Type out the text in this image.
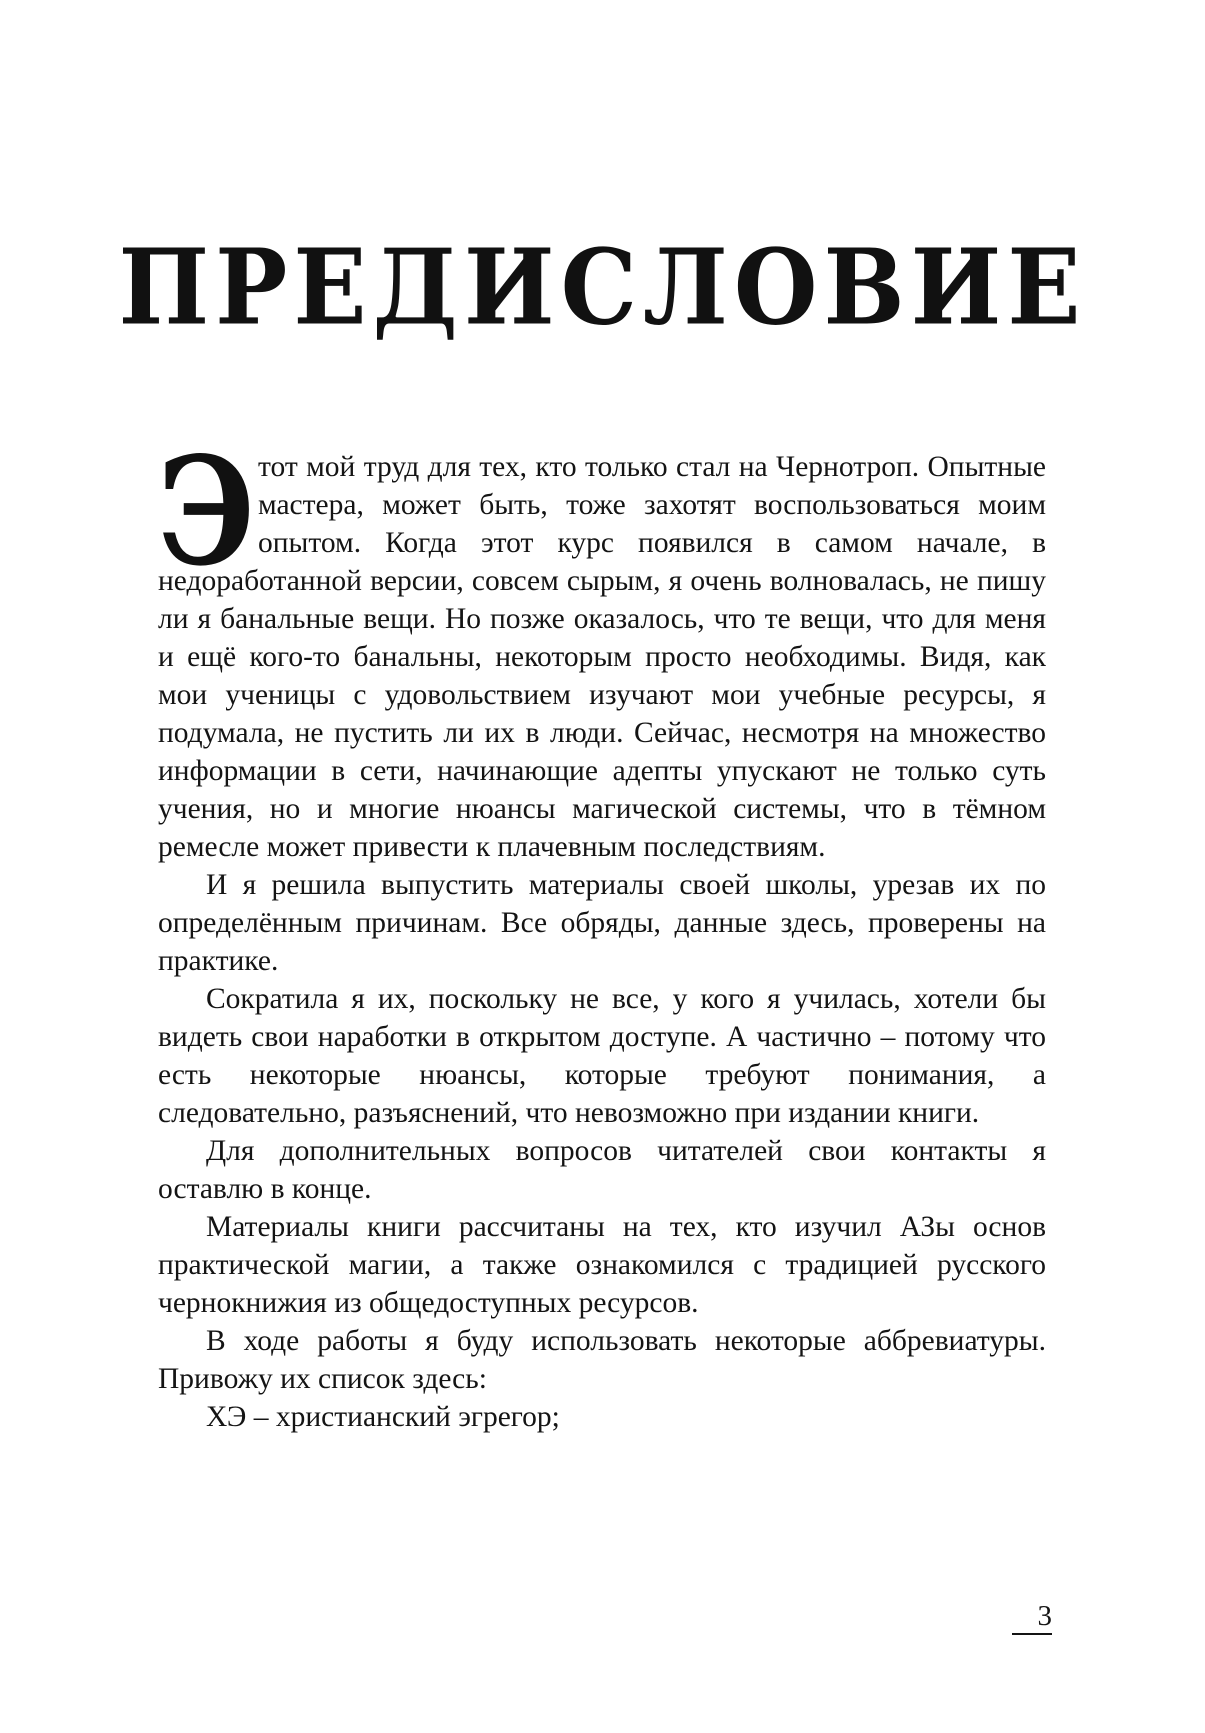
ПРЕДИСЛОВИЕ

Этот мой труд для тех, кто только стал на Чернотроп. Опытные мастера, может быть, тоже захотят воспользоваться моим опытом. Когда этот курс появился в самом начале, в недоработанной версии, совсем сырым, я очень волновалась, не пишу ли я банальные вещи. Но позже оказалось, что те вещи, что для меня и ещё кого-то банальны, некоторым просто необходимы. Видя, как мои ученицы с удовольствием изучают мои учебные ресурсы, я подумала, не пустить ли их в люди. Сейчас, несмотря на множество информации в сети, начинающие адепты упускают не только суть учения, но и многие нюансы магической системы, что в тёмном ремесле может привести к плачевным последствиям.

И я решила выпустить материалы своей школы, урезав их по определённым причинам. Все обряды, данные здесь, проверены на практике.

Сократила я их, поскольку не все, у кого я училась, хотели бы видеть свои наработки в открытом доступе. А частично – потому что есть некоторые нюансы, которые требуют понимания, а следовательно, разъяснений, что невозможно при издании книги.

Для дополнительных вопросов читателей свои контакты я оставлю в конце.

Материалы книги рассчитаны на тех, кто изучил АЗы основ практической магии, а также ознакомился с традицией русского чернокнижия из общедоступных ресурсов.

В ходе работы я буду использовать некоторые аббревиатуры. Привожу их список здесь:

ХЭ – христианский эгрегор;

3
